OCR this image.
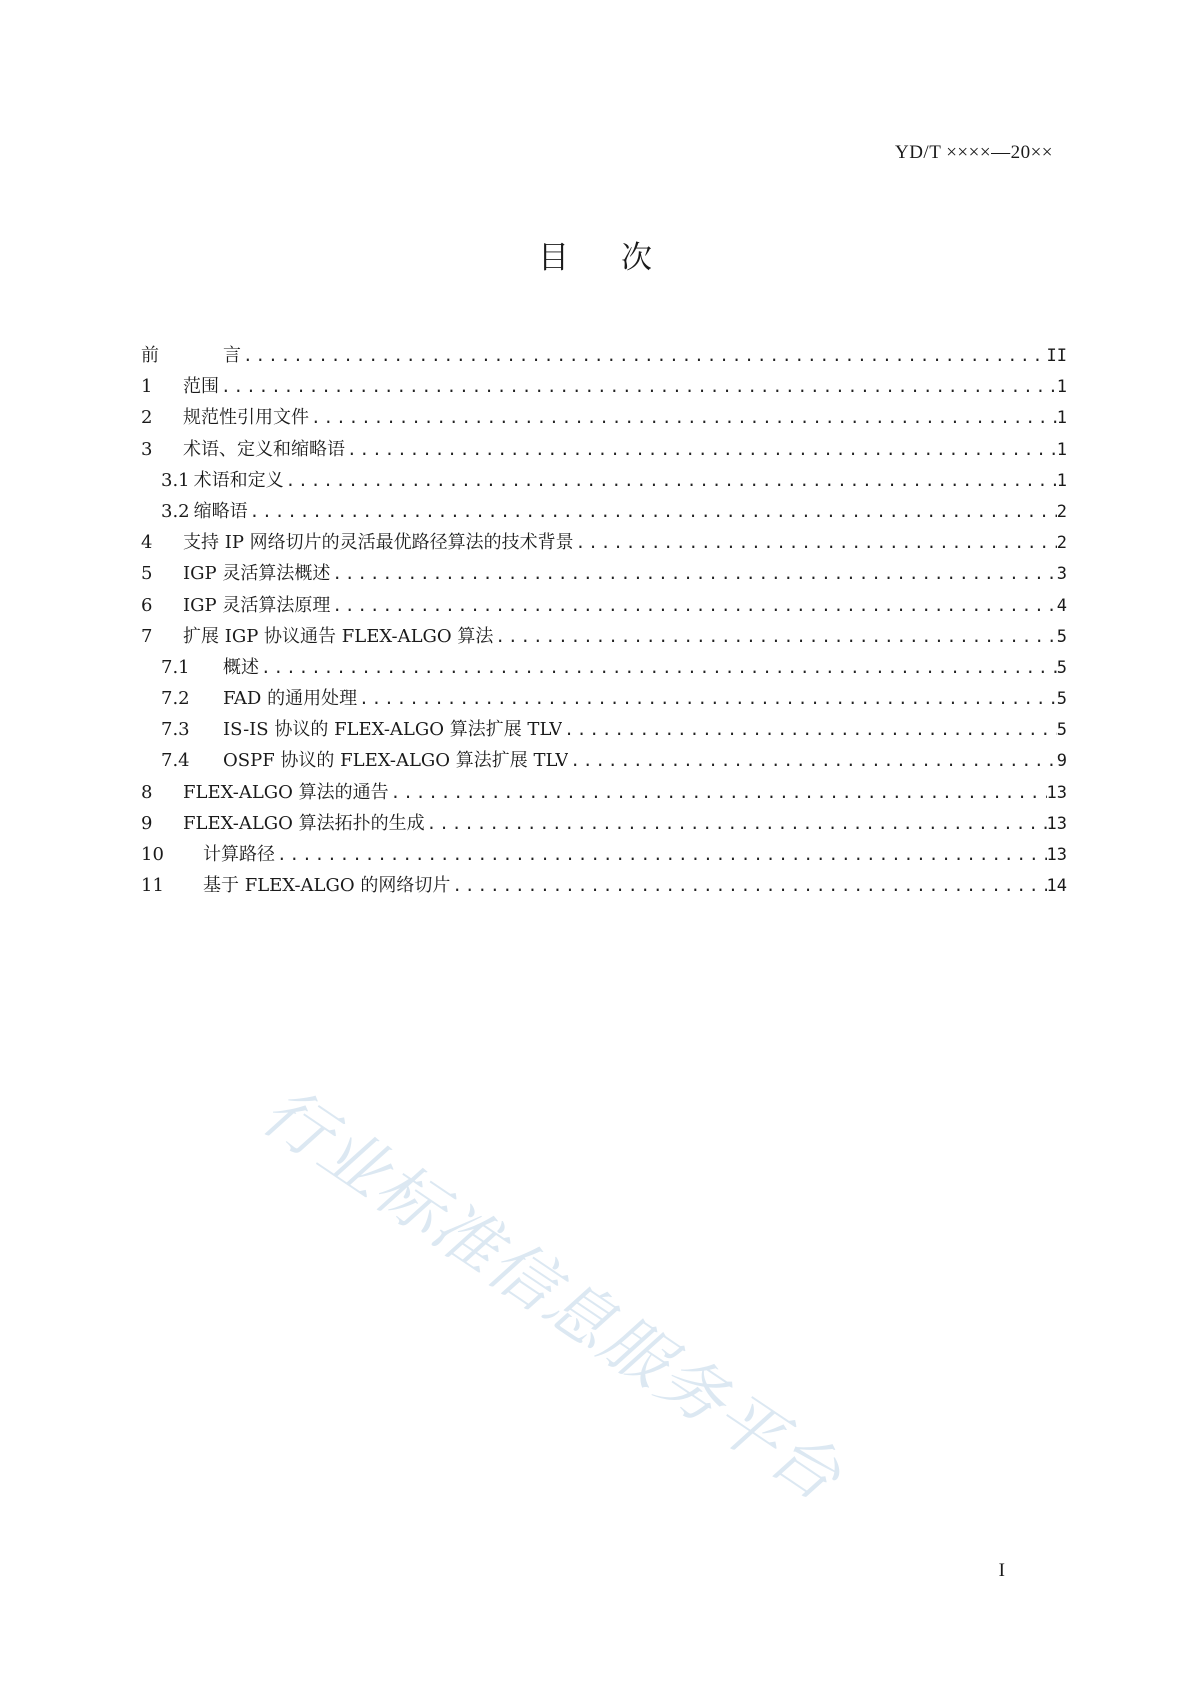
YD/T ××××—20××
目次
前	言 .....	II
1 范围 .....	1
2 规范性引用文件 .....	1
3 术语、定义和缩略语 .....	1
3.1 术语和定义 .....	1
3.2 缩略语 .....	2
4 支持 IP 网络切片的灵活最优路径算法的技术背景 .....	2
5 IGP 灵活算法概述 .....	3
6 IGP 灵活算法原理 .....	4
7 扩展 IGP 协议通告 FLEX-ALGO 算法 .....	5
7.1 概述 .....	5
7.2 FAD 的通用处理 .....	5
7.3 IS-IS 协议的 FLEX-ALGO 算法扩展 TLV .....	5
7.4 OSPF 协议的 FLEX-ALGO 算法扩展 TLV .....	9
8 FLEX-ALGO 算法的通告 .....	13
9 FLEX-ALGO 算法拓扑的生成 .....	13
10 计算路径 .....	13
11 基于 FLEX-ALGO 的网络切片 .....	14
行业标准信息服务平台
I
